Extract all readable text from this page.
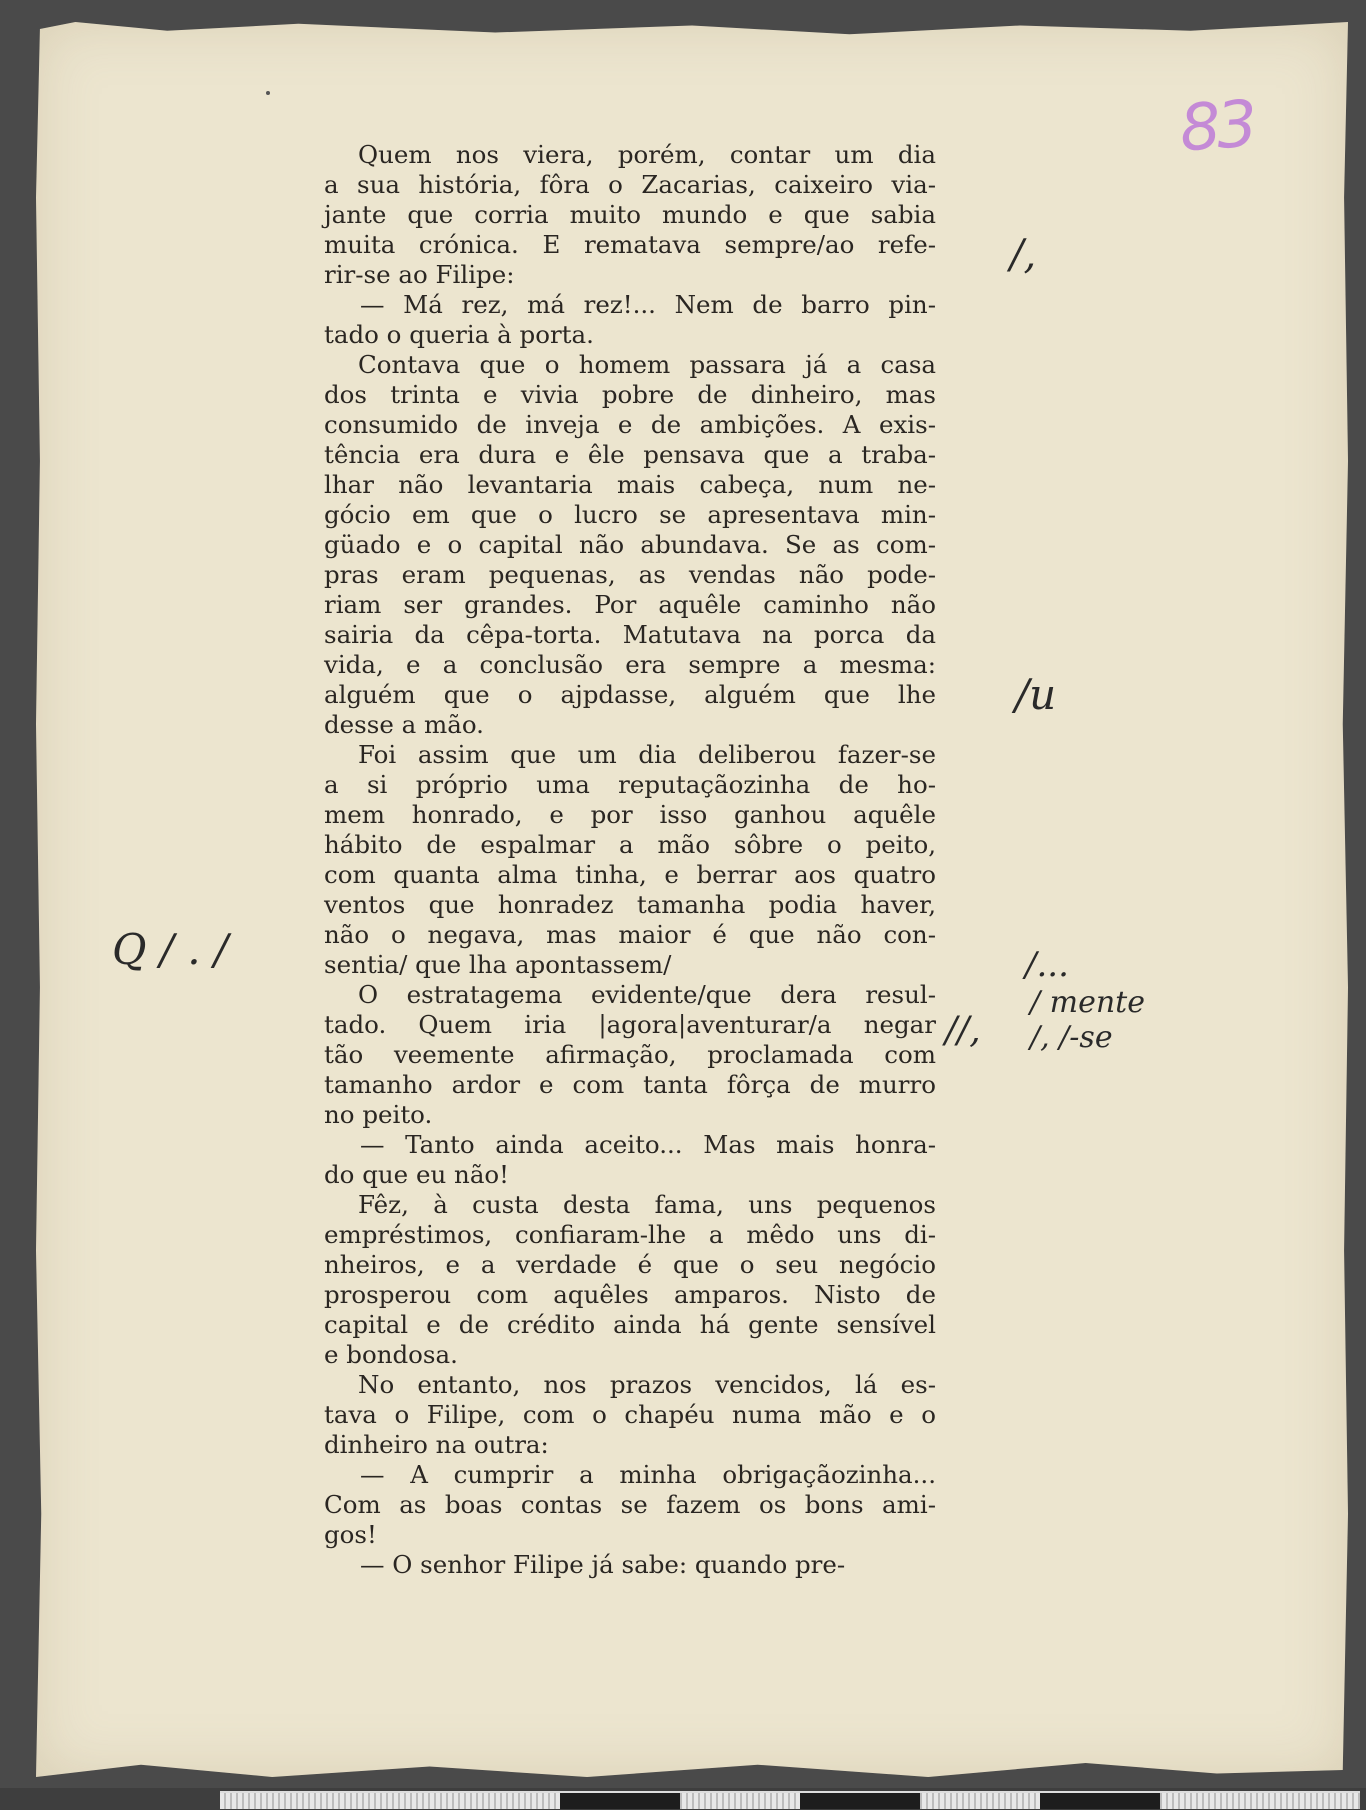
83
Quem nos viera, porém, contar um dia
a sua história, fôra o Zacarias, caixeiro via-
jante que corria muito mundo e que sabia
muita crónica. E rematava sempre/ao refe-
rir-se ao Filipe:
— Má rez, má rez!... Nem de barro pin-
tado o queria à porta.
Contava que o homem passara já a casa
dos trinta e vivia pobre de dinheiro, mas
consumido de inveja e de ambições. A exis-
tência era dura e êle pensava que a traba-
lhar não levantaria mais cabeça, num ne-
gócio em que o lucro se apresentava min-
güado e o capital não abundava. Se as com-
pras eram pequenas, as vendas não pode-
riam ser grandes. Por aquêle caminho não
sairia da cêpa-torta. Matutava na porca da
vida, e a conclusão era sempre a mesma:
alguém que o ajpdasse, alguém que lhe
desse a mão.
Foi assim que um dia deliberou fazer-se
a si próprio uma reputaçãozinha de ho-
mem honrado, e por isso ganhou aquêle
hábito de espalmar a mão sôbre o peito,
com quanta alma tinha, e berrar aos quatro
ventos que honradez tamanha podia haver,
não o negava, mas maior é que não con-
sentia/ que lha apontassem/
O estratagema evidente/que dera resul-
tado. Quem iria |agora|aventurar/a negar
tão veemente afirmação, proclamada com
tamanho ardor e com tanta fôrça de murro
no peito.
— Tanto ainda aceito... Mas mais honra-
do que eu não!
Fêz, à custa desta fama, uns pequenos
empréstimos, confiaram-lhe a mêdo uns di-
nheiros, e a verdade é que o seu negócio
prosperou com aquêles amparos. Nisto de
capital e de crédito ainda há gente sensível
e bondosa.
No entanto, nos prazos vencidos, lá es-
tava o Filipe, com o chapéu numa mão e o
dinheiro na outra:
— A cumprir a minha obrigaçãozinha...
Com as boas contas se fazem os bons ami-
gos!
— O senhor Filipe já sabe: quando pre-
/,
/u
Q / . /	/...
/ mente
/, /-se
//,
